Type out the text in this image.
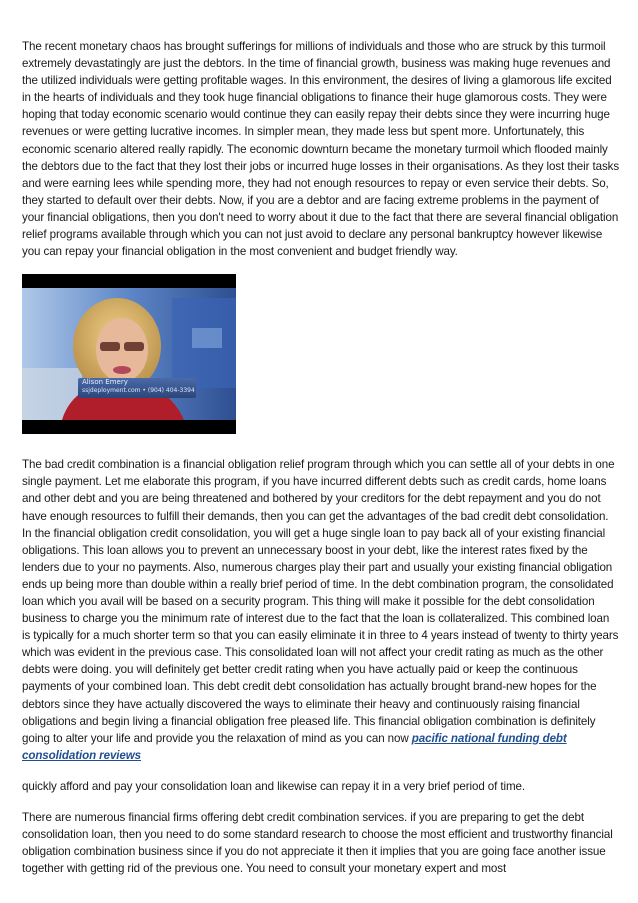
The recent monetary chaos has brought sufferings for millions of individuals and those who are struck by this turmoil extremely devastatingly are just the debtors. In the time of financial growth, business was making huge revenues and the utilized individuals were getting profitable wages. In this environment, the desires of living a glamorous life excited in the hearts of individuals and they took huge financial obligations to finance their huge glamorous costs. They were hoping that today economic scenario would continue they can easily repay their debts since they were incurring huge revenues or were getting lucrative incomes. In simpler mean, they made less but spent more. Unfortunately, this economic scenario altered really rapidly. The economic downturn became the monetary turmoil which flooded mainly the debtors due to the fact that they lost their jobs or incurred huge losses in their organisations. As they lost their tasks and were earning lees while spending more, they had not enough resources to repay or even service their debts. So, they started to default over their debts. Now, if you are a debtor and are facing extreme problems in the payment of your financial obligations, then you don't need to worry about it due to the fact that there are several financial obligation relief programs available through which you can not just avoid to declare any personal bankruptcy however likewise you can repay your financial obligation in the most convenient and budget friendly way.

Alison Emery
ssjdeployment.com • (904) 404-3394

The bad credit combination is a financial obligation relief program through which you can settle all of your debts in one single payment. Let me elaborate this program, if you have incurred different debts such as credit cards, home loans and other debt and you are being threatened and bothered by your creditors for the debt repayment and you do not have enough resources to fulfill their demands, then you can get the advantages of the bad credit debt consolidation. In the financial obligation credit consolidation, you will get a huge single loan to pay back all of your existing financial obligations. This loan allows you to prevent an unnecessary boost in your debt, like the interest rates fixed by the lenders due to your no payments. Also, numerous charges play their part and usually your existing financial obligation ends up being more than double within a really brief period of time. In the debt combination program, the consolidated loan which you avail will be based on a security program. This thing will make it possible for the debt consolidation business to charge you the minimum rate of interest due to the fact that the loan is collateralized. This combined loan is typically for a much shorter term so that you can easily eliminate it in three to 4 years instead of twenty to thirty years which was evident in the previous case. This consolidated loan will not affect your credit rating as much as the other debts were doing. you will definitely get better credit rating when you have actually paid or keep the continuous payments of your combined loan. This debt credit debt consolidation has actually brought brand-new hopes for the debtors since they have actually discovered the ways to eliminate their heavy and continuously raising financial obligations and begin living a financial obligation free pleased life. This financial obligation combination is definitely going to alter your life and provide you the relaxation of mind as you can now pacific national funding debt consolidation reviews

quickly afford and pay your consolidation loan and likewise can repay it in a very brief period of time.

There are numerous financial firms offering debt credit combination services. if you are preparing to get the debt consolidation loan, then you need to do some standard research to choose the most efficient and trustworthy financial obligation combination business since if you do not appreciate it then it implies that you are going face another issue together with getting rid of the previous one. You need to consult your monetary expert and most
